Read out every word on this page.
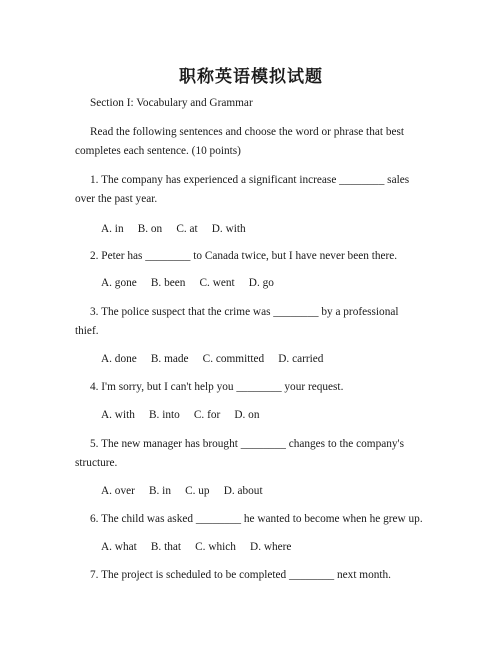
职称英语模拟试题
Section I: Vocabulary and Grammar
Read the following sentences and choose the word or phrase that best
completes each sentence. (10 points)
1. The company has experienced a significant increase ________ sales
over the past year.
A. in     B. on     C. at     D. with
2. Peter has ________ to Canada twice, but I have never been there.
A. gone     B. been     C. went     D. go
3. The police suspect that the crime was ________ by a professional
thief.
A. done     B. made     C. committed     D. carried
4. I'm sorry, but I can't help you ________ your request.
A. with     B. into     C. for     D. on
5. The new manager has brought ________ changes to the company's
structure.
A. over     B. in     C. up     D. about
6. The child was asked ________ he wanted to become when he grew up.
A. what     B. that     C. which     D. where
7. The project is scheduled to be completed ________ next month.
